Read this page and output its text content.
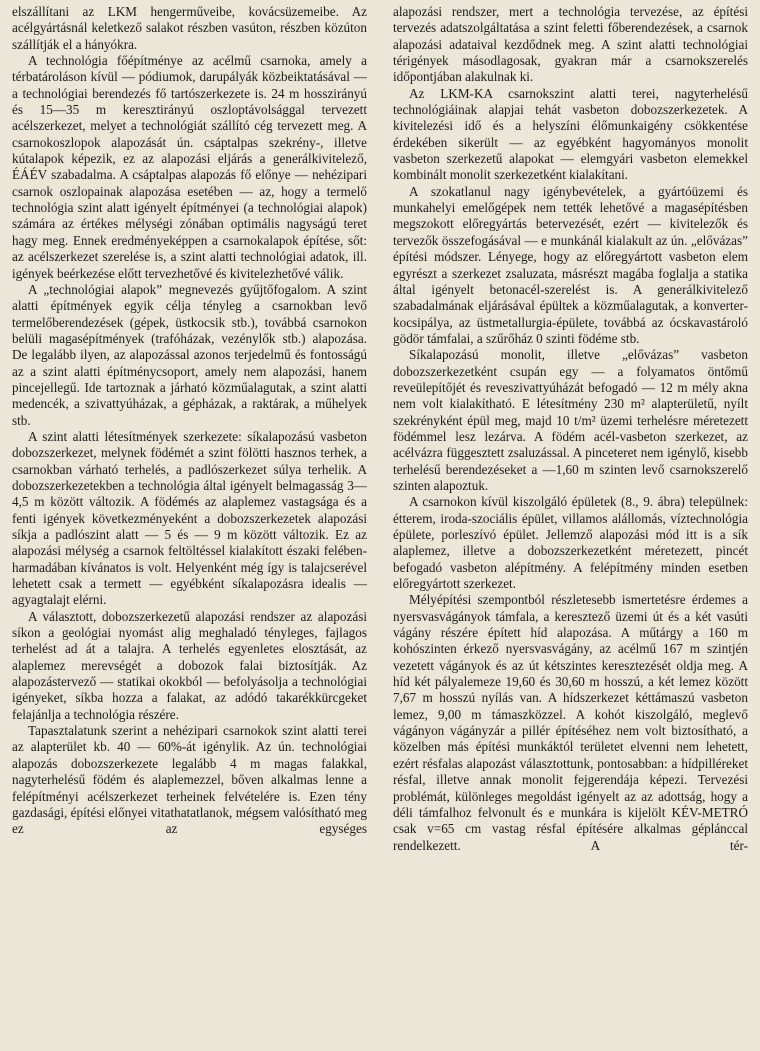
elszállítani az LKM hengerműveibe, kovácsüzemeibe. Az acélgyártásnál keletkező salakot részben vasúton, részben közúton szállítják el a hányókra.

A technológia főépítménye az acélmű csarnoka, amely a térbatároláson kívül — pódiumok, darupályák közbeiktatásával — a technológiai berendezés fő tartószerkezete is. 24 m hosszirányú és 15—35 m keresztirányú oszloptávolsággal tervezett acélszerkezet, melyet a technológiát szállító cég tervezett meg. A csarnokoszlopok alapozását ún. csáptalpas szekrény-, illetve kútalapok képezik, ez az alapozási eljárás a generálkivitelező, ÉÁÉV szabadalma. A csáptalpas alapozás fő előnye — nehézipari csarnok oszlopainak alapozása esetében — az, hogy a termelő technológia szint alatt igényelt építményei (a technológiai alapok) számára az értékes mélységi zónában optimális nagyságú teret hagy meg. Ennek eredményeképpen a csarnokalapok építése, sőt: az acélszerkezet szerelése is, a szint alatti technológiai adatok, ill. igények beérkezése előtt tervezhetővé és kivitelezhetővé válik.

A „technológiai alapok” megnevezés gyűjtőfogalom. A szint alatti építmények egyik célja tényleg a csarnokban levő termelőberendezések (gépek, üstkocsik stb.), továbbá csarnokon belüli magasépítmények (trafóházak, vezénylők stb.) alapozása. De legalább ilyen, az alapozással azonos terjedelmű és fontosságú az a szint alatti építménycsoport, amely nem alapozási, hanem pincejellegű. Ide tartoznak a járható közműalagutak, a szint alatti medencék, a szivattyúházak, a gépházak, a raktárak, a műhelyek stb.

A szint alatti létesítmények szerkezete: síkalapozású vasbeton dobozszerkezet, melynek födémét a szint fölötti hasznos terhek, a csarnokban várható terhelés, a padlószerkezet súlya terhelik. A dobozszerkezetekben a technológia által igényelt belmagasság 3—4,5 m között változik. A födémés az alaplemez vastagsága és a fenti igények következményeként a dobozszerkezetek alapozási síkja a padlószint alatt — 5 és — 9 m között változik. Ez az alapozási mélység a csarnok feltöltéssel kialakított északi felében-harmadában kívánatos is volt. Helyenként még így is talajcserével lehetett csak a termett — egyébként síkalapozásra idealis — agyagtalajt elérni.

A választott, dobozszerkezetű alapozási rendszer az alapozási síkon a geológiai nyomást alig meghaladó tényleges, fajlagos terhelést ad át a talajra. A terhelés egyenletes elosztását, az alaplemez merevségét a dobozok falai biztosítják. Az alapozástervező — statikai okokból — befolyásolja a technológiai igényeket, síkba hozza a falakat, az adódó takarékkürcgeket felajánlja a technológia részére.

Tapasztalatunk szerint a nehézipari csarnokok szint alatti terei az alapterület kb. 40 — 60%-át igénylik. Az ún. technológiai alapozás dobozszerkezete legalább 4 m magas falakkal, nagyterhelésű födém és alaplemezzel, bőven alkalmas lenne a felépítményi acélszerkezet terheinek felvételére is. Ezen tény gazdasági, építési előnyei vitathatatlanok, mégsem valósítható meg ez az egységes

alapozási rendszer, mert a technológia tervezése, az építési tervezés adatszolgáltatása a szint feletti főberendezések, a csarnok alapozási adataival kezdődnek meg. A szint alatti technológiai térigények másodlagosak, gyakran már a csarnokszerelés időpontjában alakulnak ki.

Az LKM-KA csarnokszint alatti terei, nagyterhelésű technológiáinak alapjai tehát vasbeton dobozszerkezetek. A kivitelezési idő és a helyszíni élőmunkaigény csökkentése érdekében sikerült — az egyébként hagyományos monolit vasbeton szerkezetű alapokat — elemgyári vasbeton elemekkel kombinált monolit szerkezetként kialakítani.

A szokatlanul nagy igénybevételek, a gyártóüzemi és munkahelyi emelőgépek nem tették lehetővé a magasépítésben megszokott előregyártás betervezését, ezért — kivitelezők és tervezők összefogásával — e munkánál kialakult az ún. „elővázas” építési módszer. Lényege, hogy az előregyártott vasbeton elem egyrészt a szerkezet zsaluzata, másrészt magába foglalja a statika által igényelt betonacél-szerelést is. A generálkivitelező szabadalmának eljárásával épültek a közműalagutak, a konverter-kocsipálya, az üstmetallurgia-épülete, továbbá az ócskavastároló gödör támfalai, a szűrőház 0 szinti födéme stb.

Síkalapozású monolit, illetve „elővázas” vasbeton dobozszerkezetként csupán egy — a folyamatos öntőmű reveülepítőjét és reveszivattyúházát befogadó — 12 m mély akna nem volt kialakítható. E létesítmény 230 m² alapterületű, nyílt szekrényként épül meg, majd 10 t/m² üzemi terhelésre méretezett födémmel lesz lezárva. A födém acél-vasbeton szerkezet, az acélvázra függesztett zsaluzással. A pinceteret nem igénylő, kisebb terhelésű berendezéseket a —1,60 m szinten levő csarnokszerelő szinten alapoztuk.

A csarnokon kívül kiszolgáló épületek (8., 9. ábra) települnek: étterem, iroda-szociális épület, villamos alállomás, víztechnológia épülete, porleszívó épület. Jellemző alapozási mód itt is a sík alaplemez, illetve a dobozszerkezetként méretezett, pincét befogadó vasbeton alépítmény. A felépítmény minden esetben előregyártott szerkezet.

Mélyépítési szempontból részletesebb ismertetésre érdemes a nyersvasvágányok támfala, a keresztező üzemi út és a két vasúti vágány részére épített híd alapozása. A műtárgy a 160 m kohószinten érkező nyersvasvágány, az acélmű 167 m szintjén vezetett vágányok és az út kétszintes keresztezését oldja meg. A híd két pályalemeze 19,60 és 30,60 m hosszú, a két lemez között 7,67 m hosszú nyílás van. A hídszerkezet kéttámaszú vasbeton lemez, 9,00 m támaszközzel. A kohót kiszolgáló, meglevő vágányon vágányzár a pillér építéséhez nem volt biztosítható, a közelben más építési munkáktól területet elvenni nem lehetett, ezért résfalas alapozást választottunk, pontosabban: a hídpilléreket résfal, illetve annak monolit fejgerendája képezi. Tervezési problémát, különleges megoldást igényelt az az adottság, hogy a déli támfalhoz felvonult és e munkára is kijelölt KÉV-METRÓ csak v=65 cm vastag résfal építésére alkalmas géplánccal rendelkezett. A tér-
